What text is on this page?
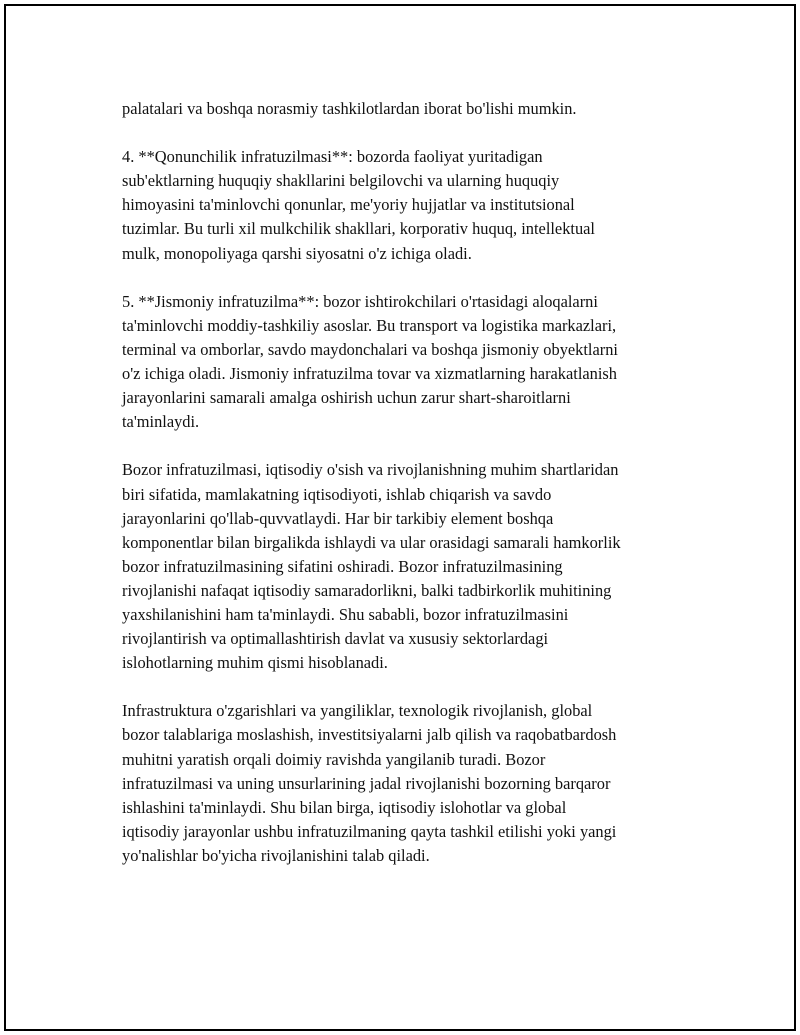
palatalari va boshqa norasmiy tashkilotlardan iborat bo'lishi mumkin.

4. **Qonunchilik infratuzilmasi**: bozorda faoliyat yuritadigan
sub'ektlarning huquqiy shakllarini belgilovchi va ularning huquqiy
himoyasini ta'minlovchi qonunlar, me'yoriy hujjatlar va institutsional
tuzimlar. Bu turli xil mulkchilik shakllari, korporativ huquq, intellektual
mulk, monopoliyaga qarshi siyosatni o'z ichiga oladi.

5. **Jismoniy infratuzilma**: bozor ishtirokchilari o'rtasidagi aloqalarni
ta'minlovchi moddiy-tashkiliy asoslar. Bu transport va logistika markazlari,
terminal va omborlar, savdo maydonchalari va boshqa jismoniy obyektlarni
o'z ichiga oladi. Jismoniy infratuzilma tovar va xizmatlarning harakatlanish
jarayonlarini samarali amalga oshirish uchun zarur shart-sharoitlarni
ta'minlaydi.

Bozor infratuzilmasi, iqtisodiy o'sish va rivojlanishning muhim shartlaridan
biri sifatida, mamlakatning iqtisodiyoti, ishlab chiqarish va savdo
jarayonlarini qo'llab-quvvatlaydi. Har bir tarkibiy element boshqa
komponentlar bilan birgalikda ishlaydi va ular orasidagi samarali hamkorlik
bozor infratuzilmasining sifatini oshiradi. Bozor infratuzilmasining
rivojlanishi nafaqat iqtisodiy samaradorlikni, balki tadbirkorlik muhitining
yaxshilanishini ham ta'minlaydi. Shu sababli, bozor infratuzilmasini
rivojlantirish va optimallashtirish davlat va xususiy sektorlardagi
islohotlarning muhim qismi hisoblanadi.

Infrastruktura o'zgarishlari va yangiliklar, texnologik rivojlanish, global
bozor talablariga moslashish, investitsiyalarni jalb qilish va raqobatbardosh
muhitni yaratish orqali doimiy ravishda yangilanib turadi. Bozor
infratuzilmasi va uning unsurlarining jadal rivojlanishi bozorning barqaror
ishlashini ta'minlaydi. Shu bilan birga, iqtisodiy islohotlar va global
iqtisodiy jarayonlar ushbu infratuzilmaning qayta tashkil etilishi yoki yangi
yo'nalishlar bo'yicha rivojlanishini talab qiladi.
